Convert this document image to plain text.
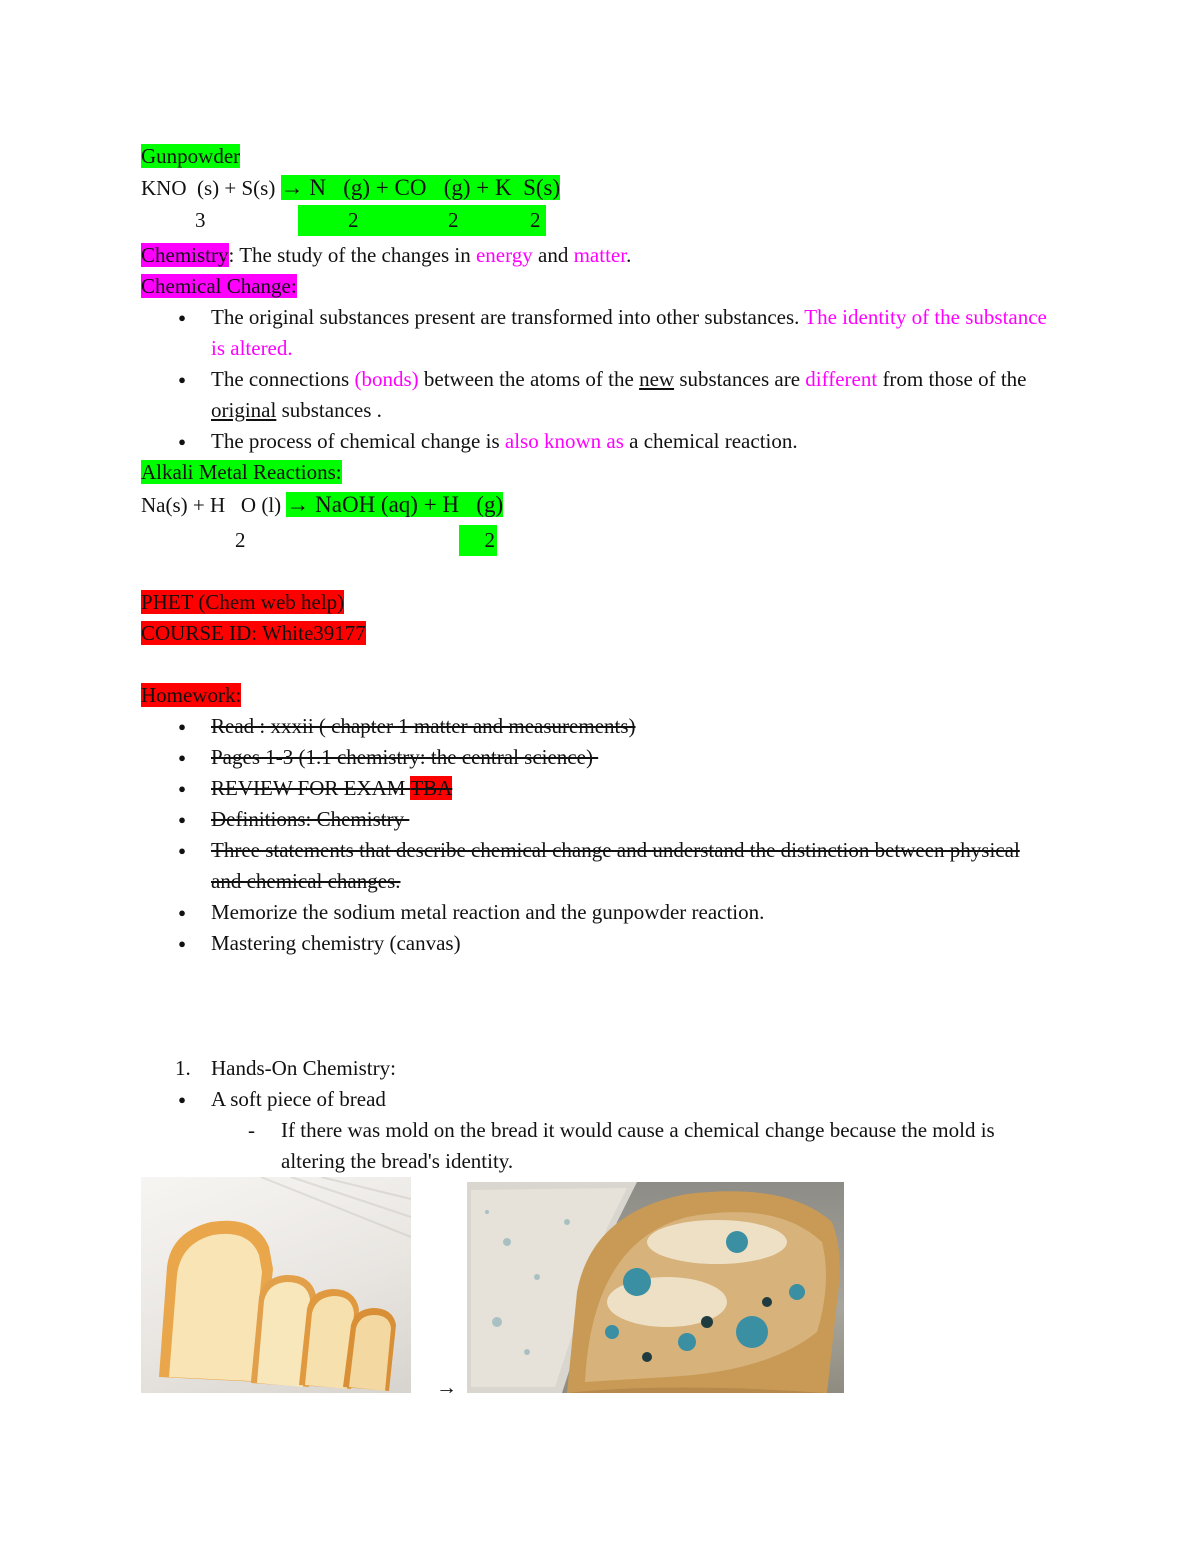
Gunpowder
KNO  (s) + S(s) → N   (g) + CO   (g) + K  S(s)
3	2	2	2
Chemistry: The study of the changes in energy and matter.
Chemical Change:
● The original substances present are transformed into other substances. The identity of the substance is altered.
● The connections (bonds) between the atoms of the new substances are different from those of the original substances .
● The process of chemical change is also known as a chemical reaction.
Alkali Metal Reactions:
Na(s) + H   O (l) → NaOH (aq) + H   (g)
2	2
PHET (Chem web help)
COURSE ID: White39177
Homework:
● Read : xxxii ( chapter 1 matter and measurements)
● Pages 1-3 (1.1 chemistry: the central science)
● REVIEW FOR EXAM TBA
● Definitions: Chemistry
● Three statements that describe chemical change and understand the distinction between physical and chemical changes.
● Memorize the sodium metal reaction and the gunpowder reaction.
● Mastering chemistry (canvas)
1. Hands-On Chemistry:
● A soft piece of bread
- If there was mold on the bread it would cause a chemical change because the mold is altering the bread's identity.
→
